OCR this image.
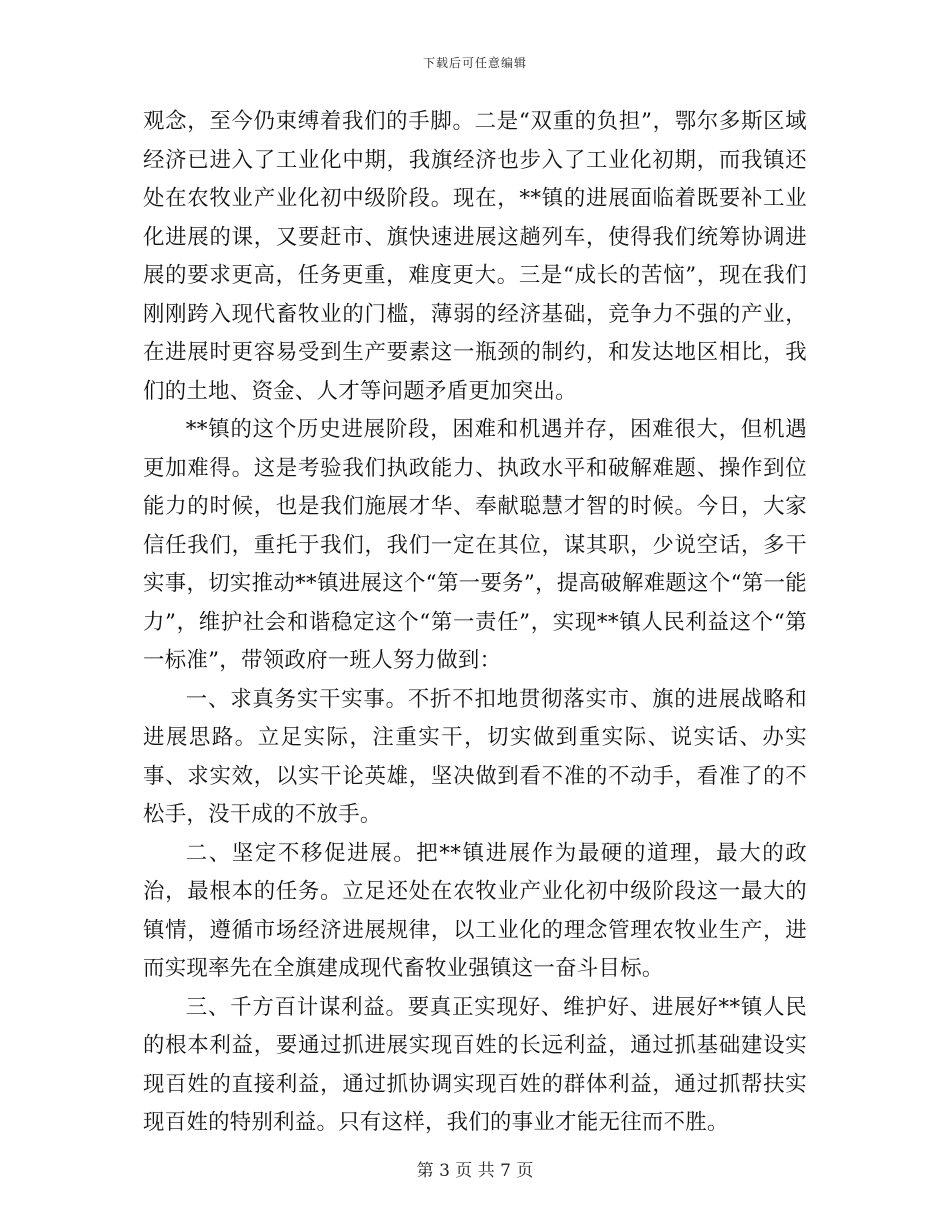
下载后可任意编辑

观念，至今仍束缚着我们的手脚。二是“双重的负担”，鄂尔多斯区域经济已进入了工业化中期，我旗经济也步入了工业化初期，而我镇还处在农牧业产业化初中级阶段。现在，**镇的进展面临着既要补工业化进展的课，又要赶市、旗快速进展这趟列车，使得我们统筹协调进展的要求更高，任务更重，难度更大。三是“成长的苦恼”，现在我们刚刚跨入现代畜牧业的门槛，薄弱的经济基础，竞争力不强的产业，在进展时更容易受到生产要素这一瓶颈的制约，和发达地区相比，我们的土地、资金、人才等问题矛盾更加突出。

**镇的这个历史进展阶段，困难和机遇并存，困难很大，但机遇更加难得。这是考验我们执政能力、执政水平和破解难题、操作到位能力的时候，也是我们施展才华、奉献聪慧才智的时候。今日，大家信任我们，重托于我们，我们一定在其位，谋其职，少说空话，多干实事，切实推动**镇进展这个“第一要务”，提高破解难题这个“第一能力”，维护社会和谐稳定这个“第一责任”，实现**镇人民利益这个“第一标准”，带领政府一班人努力做到：

一、求真务实干实事。不折不扣地贯彻落实市、旗的进展战略和进展思路。立足实际，注重实干，切实做到重实际、说实话、办实事、求实效，以实干论英雄，坚决做到看不准的不动手，看准了的不松手，没干成的不放手。

二、坚定不移促进展。把**镇进展作为最硬的道理，最大的政治，最根本的任务。立足还处在农牧业产业化初中级阶段这一最大的镇情，遵循市场经济进展规律，以工业化的理念管理农牧业生产，进而实现率先在全旗建成现代畜牧业强镇这一奋斗目标。

三、千方百计谋利益。要真正实现好、维护好、进展好**镇人民的根本利益，要通过抓进展实现百姓的长远利益，通过抓基础建设实现百姓的直接利益，通过抓协调实现百姓的群体利益，通过抓帮扶实现百姓的特别利益。只有这样，我们的事业才能无往而不胜。

第 3 页 共 7 页
